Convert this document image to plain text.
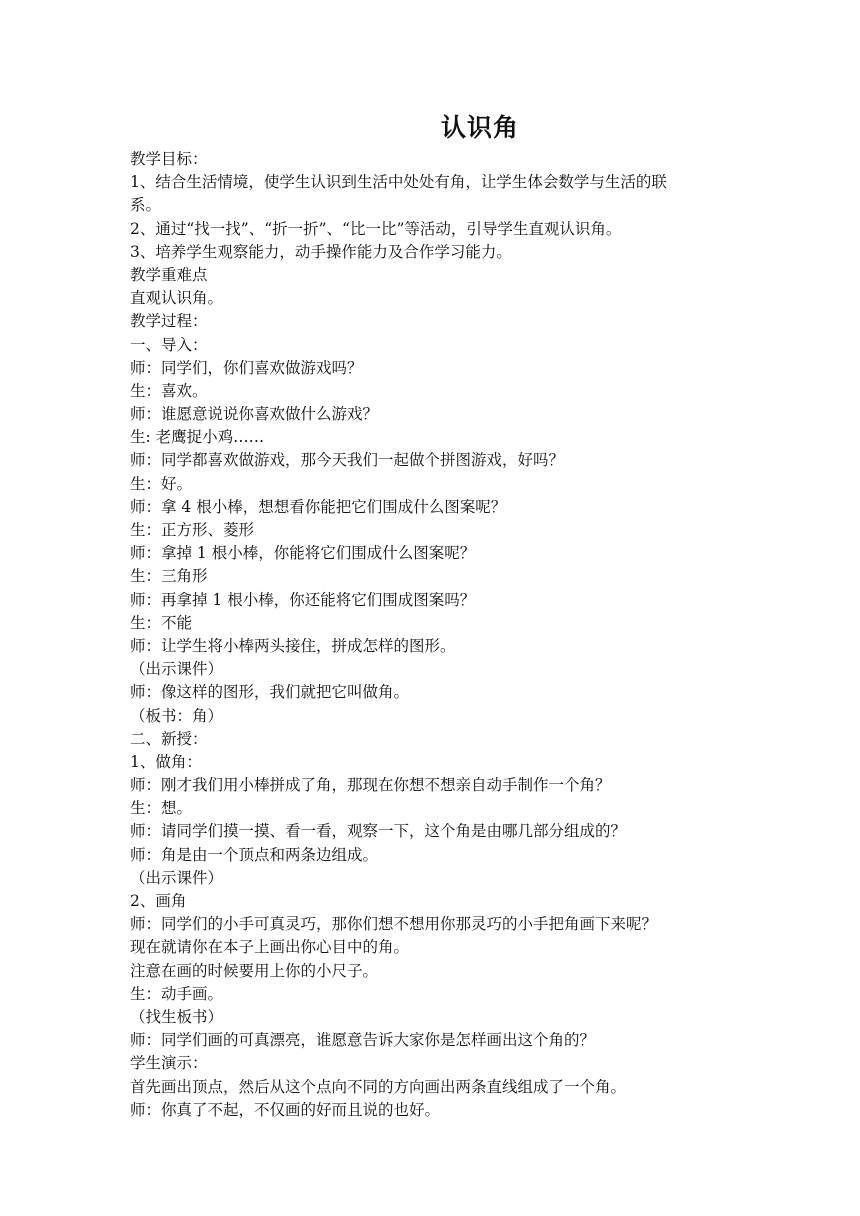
认识角
教学目标：
1、结合生活情境，使学生认识到生活中处处有角，让学生体会数学与生活的联
系。
2、通过“找一找”、“折一折”、“比一比”等活动，引导学生直观认识角。
3、培养学生观察能力，动手操作能力及合作学习能力。
教学重难点
直观认识角。
教学过程：
一、导入：
师：同学们，你们喜欢做游戏吗？
生：喜欢。
师：谁愿意说说你喜欢做什么游戏？
生: 老鹰捉小鸡……
师：同学都喜欢做游戏，那今天我们一起做个拼图游戏，好吗？
生：好。
师：拿 4 根小棒，想想看你能把它们围成什么图案呢？
生：正方形、菱形
师：拿掉 1 根小棒，你能将它们围成什么图案呢？
生：三角形
师：再拿掉 1 根小棒，你还能将它们围成图案吗？
生：不能
师：让学生将小棒两头接住，拼成怎样的图形。
（出示课件）
师：像这样的图形，我们就把它叫做角。
（板书：角）
二、新授：
1、做角：
师：刚才我们用小棒拼成了角，那现在你想不想亲自动手制作一个角？
生：想。
师：请同学们摸一摸、看一看，观察一下，这个角是由哪几部分组成的？
师：角是由一个顶点和两条边组成。
（出示课件）
2、画角
师：同学们的小手可真灵巧，那你们想不想用你那灵巧的小手把角画下来呢？
现在就请你在本子上画出你心目中的角。
注意在画的时候要用上你的小尺子。
生：动手画。
（找生板书）
师：同学们画的可真漂亮，谁愿意告诉大家你是怎样画出这个角的？
学生演示：
首先画出顶点，然后从这个点向不同的方向画出两条直线组成了一个角。
师：你真了不起，不仅画的好而且说的也好。
